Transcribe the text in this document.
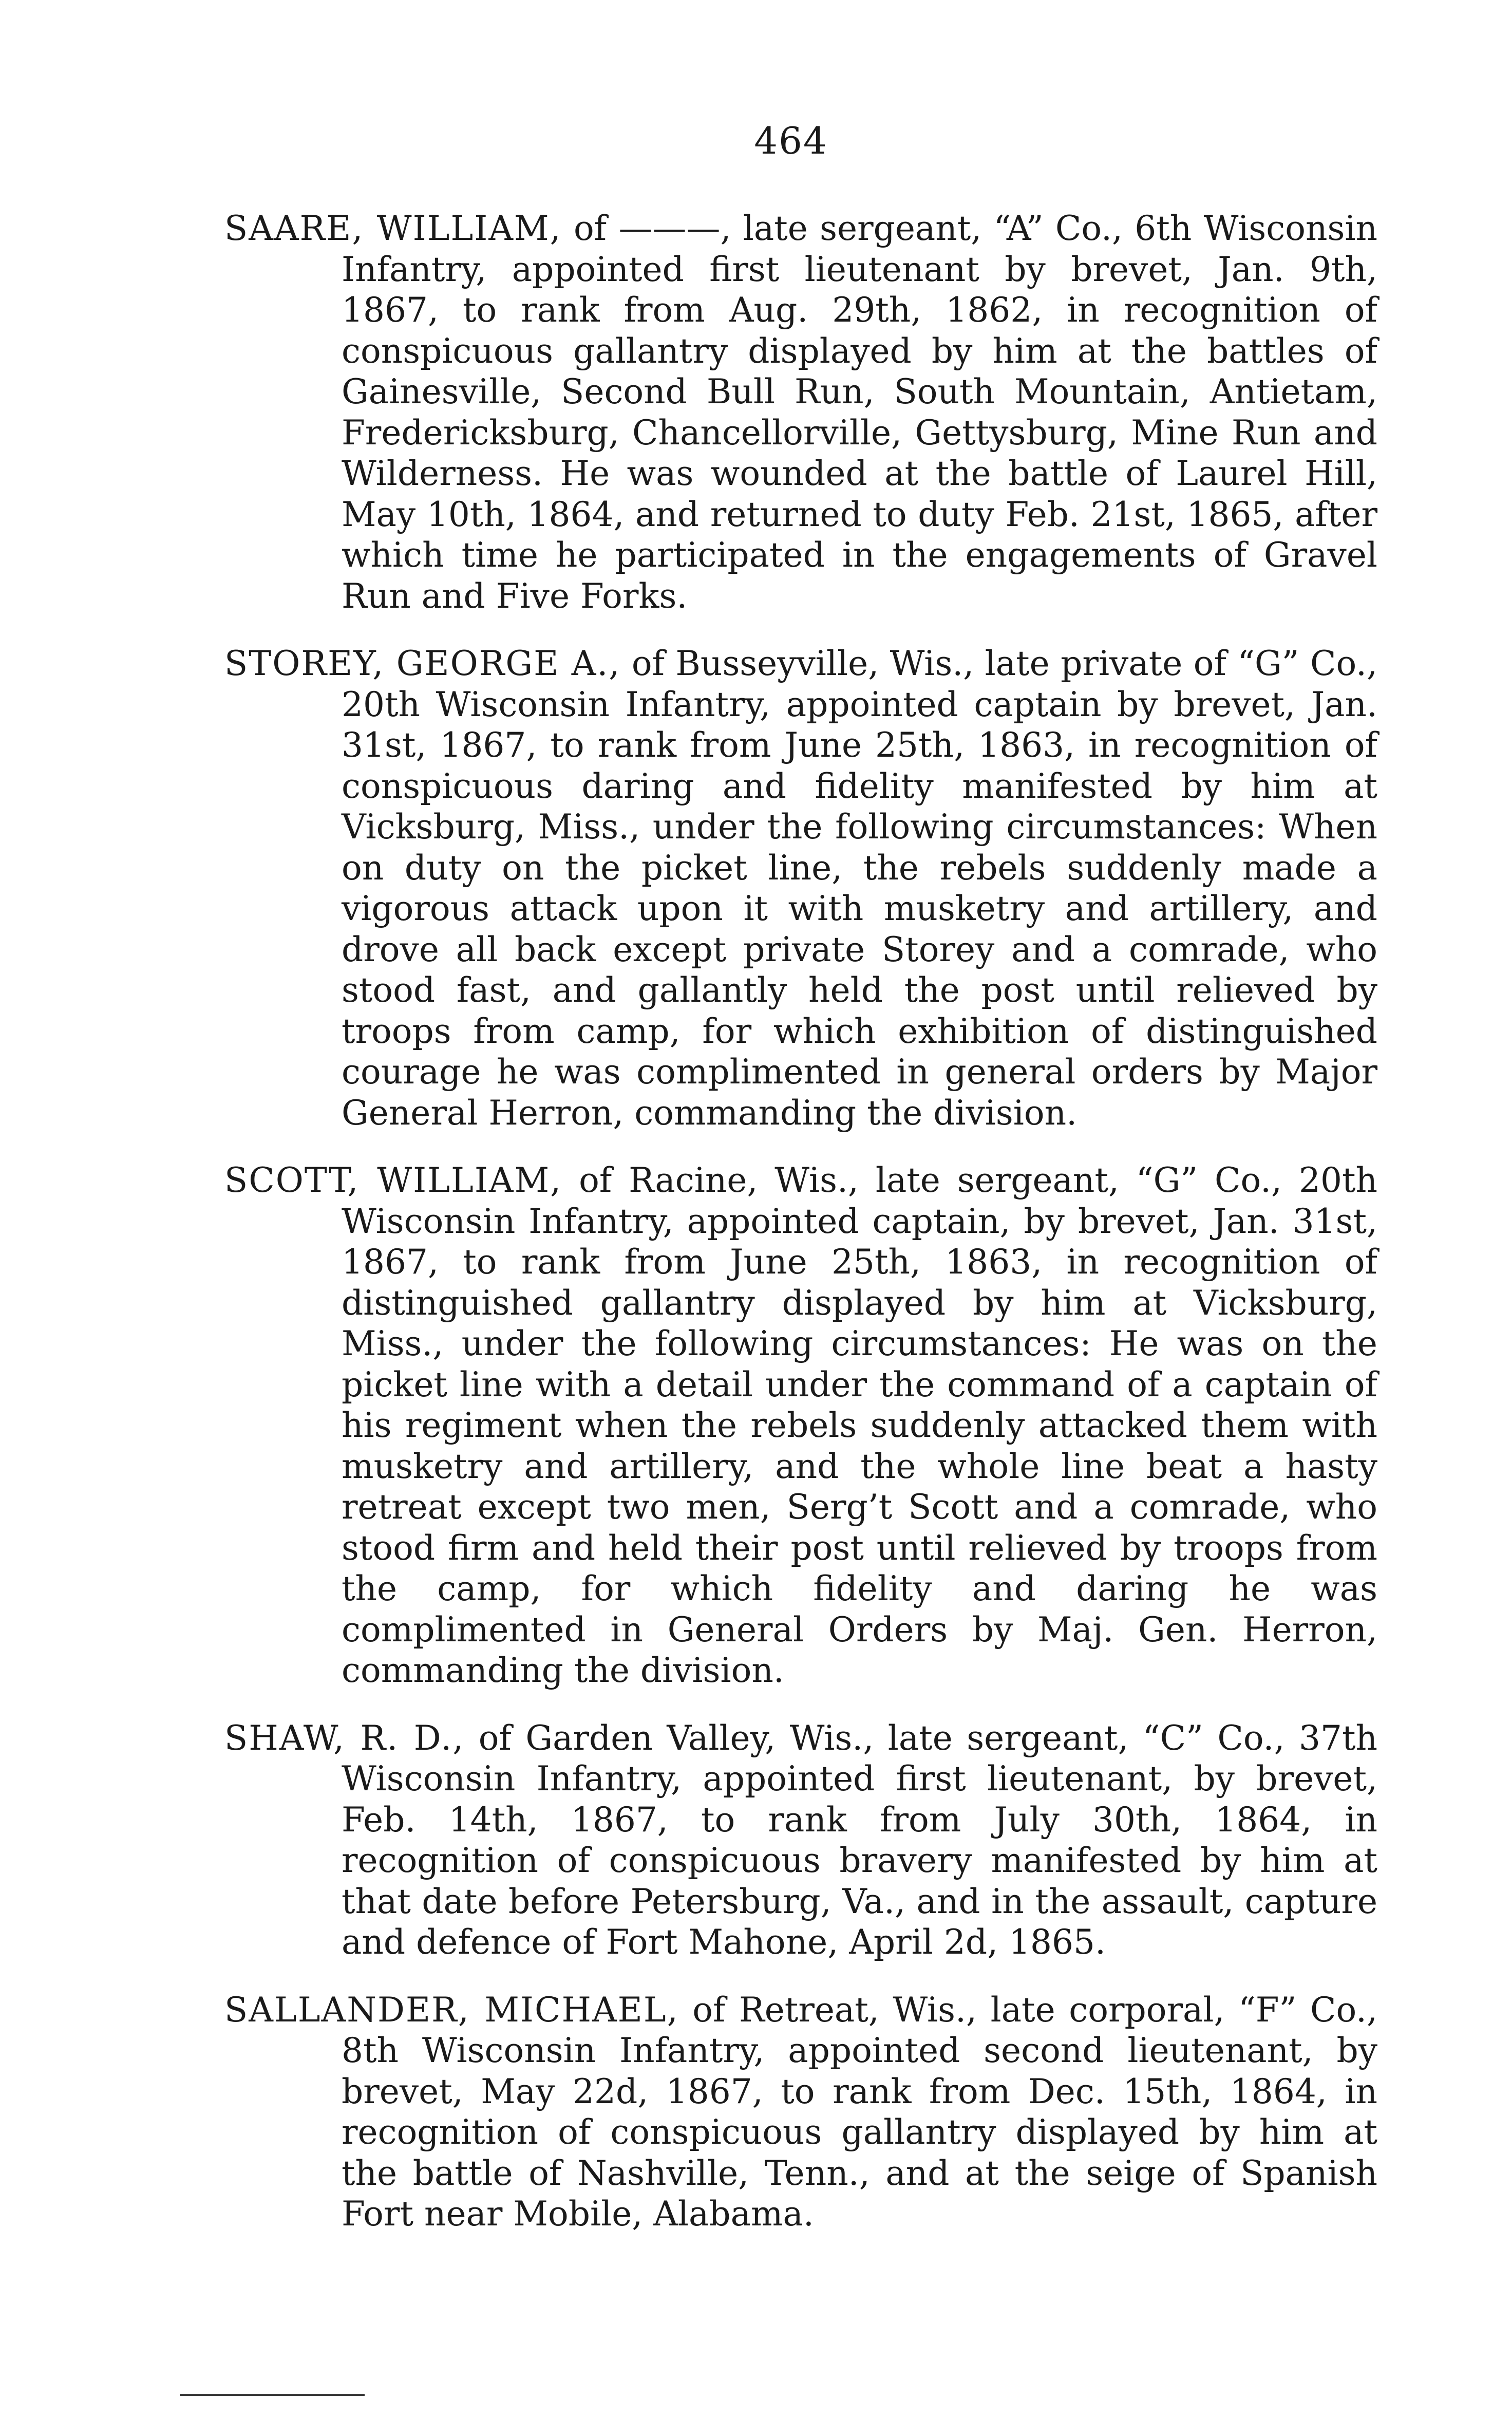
464

SAARE, WILLIAM, of ———, late sergeant, “A” Co., 6th Wisconsin Infantry, appointed first lieutenant by brevet, Jan. 9th, 1867, to rank from Aug. 29th, 1862, in recognition of conspicuous gallantry displayed by him at the battles of Gainesville, Second Bull Run, South Mountain, Antietam, Fredericksburg, Chancellorville, Gettysburg, Mine Run and Wilderness. He was wounded at the battle of Laurel Hill, May 10th, 1864, and returned to duty Feb. 21st, 1865, after which time he participated in the engagements of Gravel Run and Five Forks.

STOREY, GEORGE A., of Busseyville, Wis., late private of “G” Co., 20th Wisconsin Infantry, appointed captain by brevet, Jan. 31st, 1867, to rank from June 25th, 1863, in recognition of conspicuous daring and fidelity manifested by him at Vicksburg, Miss., under the following circumstances: When on duty on the picket line, the rebels suddenly made a vigorous attack upon it with musketry and artillery, and drove all back except private Storey and a comrade, who stood fast, and gallantly held the post until relieved by troops from camp, for which exhibition of distinguished courage he was complimented in general orders by Major General Herron, commanding the division.

SCOTT, WILLIAM, of Racine, Wis., late sergeant, “G” Co., 20th Wisconsin Infantry, appointed captain, by brevet, Jan. 31st, 1867, to rank from June 25th, 1863, in recognition of distinguished gallantry displayed by him at Vicksburg, Miss., under the following circumstances: He was on the picket line with a detail under the command of a captain of his regiment when the rebels suddenly attacked them with musketry and artillery, and the whole line beat a hasty retreat except two men, Serg’t Scott and a comrade, who stood firm and held their post until relieved by troops from the camp, for which fidelity and daring he was complimented in General Orders by Maj. Gen. Herron, commanding the division.

SHAW, R. D., of Garden Valley, Wis., late sergeant, “C” Co., 37th Wisconsin Infantry, appointed first lieutenant, by brevet, Feb. 14th, 1867, to rank from July 30th, 1864, in recognition of conspicuous bravery manifested by him at that date before Petersburg, Va., and in the assault, capture and defence of Fort Mahone, April 2d, 1865.

SALLANDER, MICHAEL, of Retreat, Wis., late corporal, “F” Co., 8th Wisconsin Infantry, appointed second lieutenant, by brevet, May 22d, 1867, to rank from Dec. 15th, 1864, in recognition of conspicuous gallantry displayed by him at the battle of Nashville, Tenn., and at the seige of Spanish Fort near Mobile, Alabama.
